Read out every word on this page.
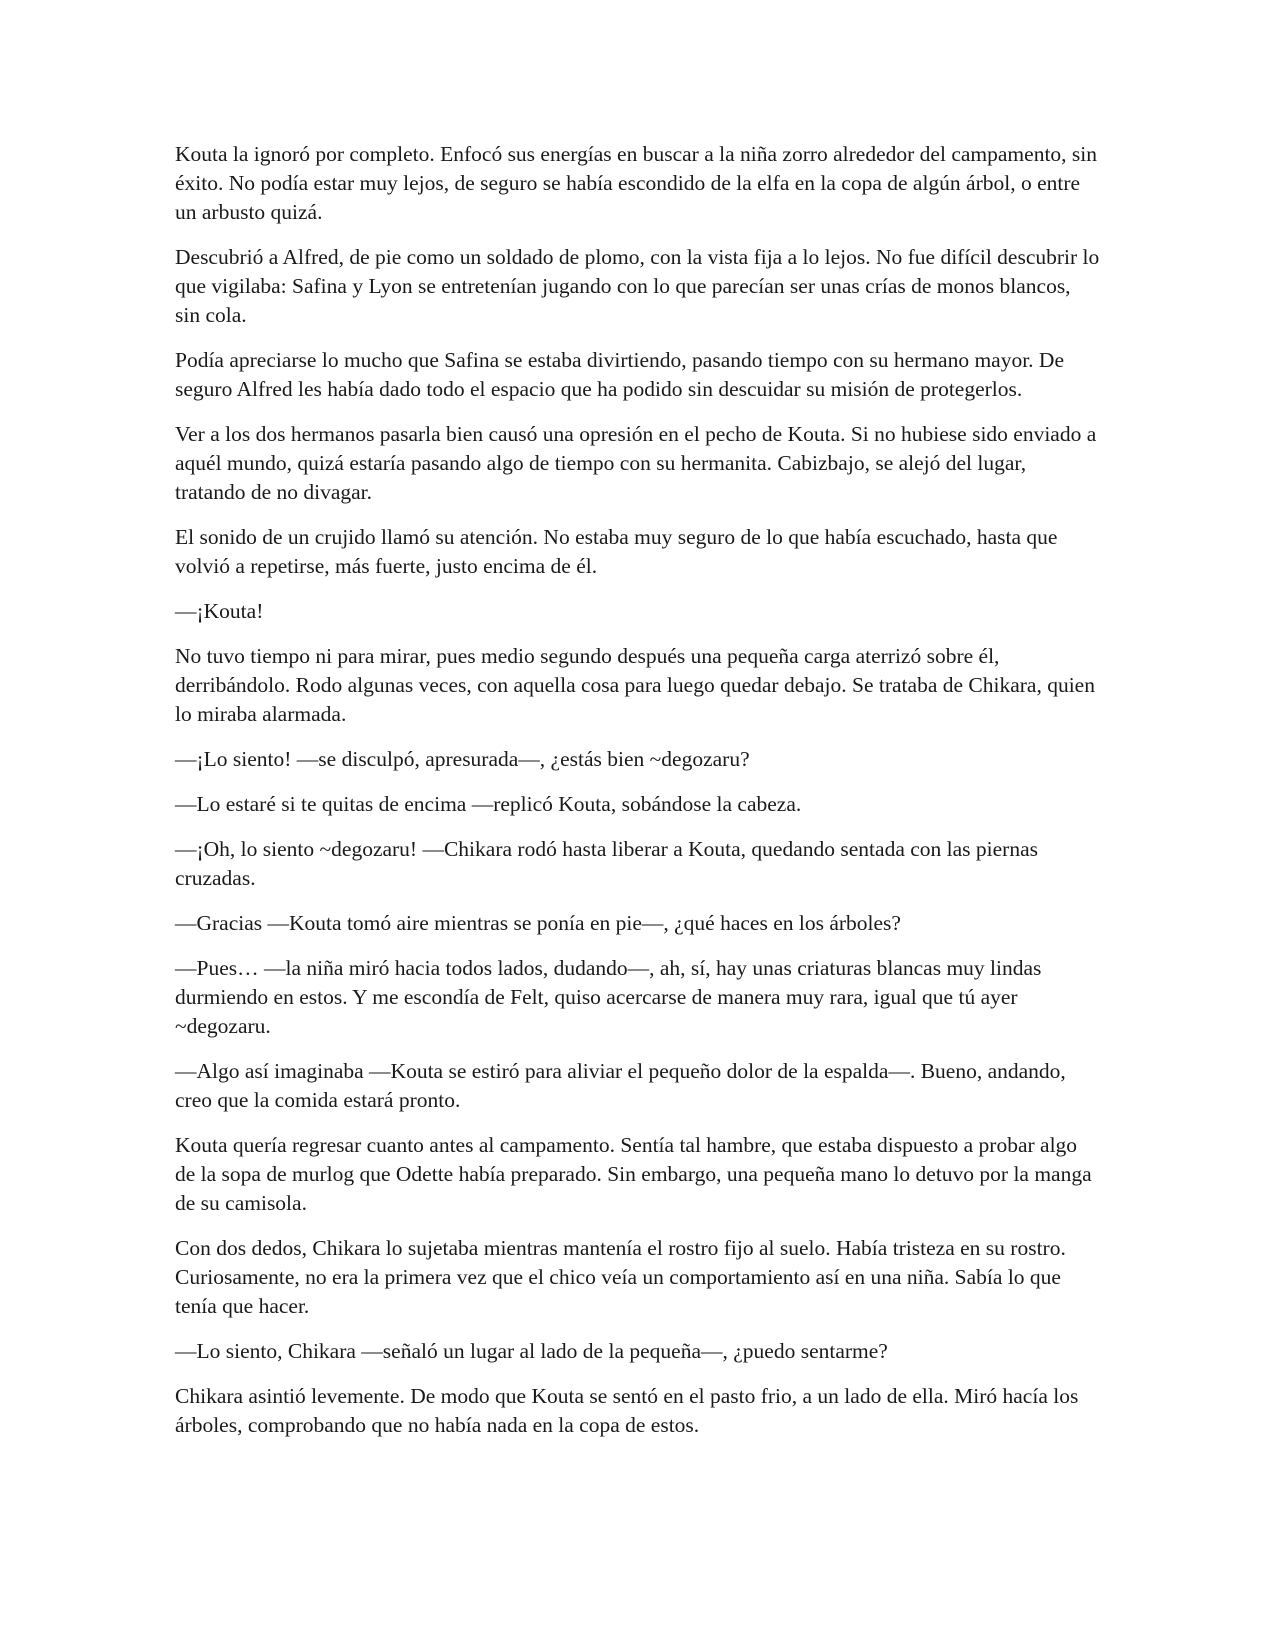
Kouta la ignoró por completo. Enfocó sus energías en buscar a la niña zorro alrededor del campamento, sin éxito. No podía estar muy lejos, de seguro se había escondido de la elfa en la copa de algún árbol, o entre un arbusto quizá.

Descubrió a Alfred, de pie como un soldado de plomo, con la vista fija a lo lejos. No fue difícil descubrir lo que vigilaba: Safina y Lyon se entretenían jugando con lo que parecían ser unas crías de monos blancos, sin cola.

Podía apreciarse lo mucho que Safina se estaba divirtiendo, pasando tiempo con su hermano mayor. De seguro Alfred les había dado todo el espacio que ha podido sin descuidar su misión de protegerlos.

Ver a los dos hermanos pasarla bien causó una opresión en el pecho de Kouta. Si no hubiese sido enviado a aquél mundo, quizá estaría pasando algo de tiempo con su hermanita. Cabizbajo, se alejó del lugar, tratando de no divagar.

El sonido de un crujido llamó su atención. No estaba muy seguro de lo que había escuchado, hasta que volvió a repetirse, más fuerte, justo encima de él.

—¡Kouta!

No tuvo tiempo ni para mirar, pues medio segundo después una pequeña carga aterrizó sobre él, derribándolo. Rodo algunas veces, con aquella cosa para luego quedar debajo. Se trataba de Chikara, quien lo miraba alarmada.

—¡Lo siento! —se disculpó, apresurada—, ¿estás bien ~degozaru?

—Lo estaré si te quitas de encima —replicó Kouta, sobándose la cabeza.

—¡Oh, lo siento ~degozaru! —Chikara rodó hasta liberar a Kouta, quedando sentada con las piernas cruzadas.

—Gracias —Kouta tomó aire mientras se ponía en pie—, ¿qué haces en los árboles?

—Pues… —la niña miró hacia todos lados, dudando—, ah, sí, hay unas criaturas blancas muy lindas durmiendo en estos. Y me escondía de Felt, quiso acercarse de manera muy rara, igual que tú ayer ~degozaru.

—Algo así imaginaba —Kouta se estiró para aliviar el pequeño dolor de la espalda—. Bueno, andando, creo que la comida estará pronto.

Kouta quería regresar cuanto antes al campamento. Sentía tal hambre, que estaba dispuesto a probar algo de la sopa de murlog que Odette había preparado. Sin embargo, una pequeña mano lo detuvo por la manga de su camisola.

Con dos dedos, Chikara lo sujetaba mientras mantenía el rostro fijo al suelo. Había tristeza en su rostro. Curiosamente, no era la primera vez que el chico veía un comportamiento así en una niña. Sabía lo que tenía que hacer.

—Lo siento, Chikara —señaló un lugar al lado de la pequeña—, ¿puedo sentarme?

Chikara asintió levemente. De modo que Kouta se sentó en el pasto frio, a un lado de ella. Miró hacía los árboles, comprobando que no había nada en la copa de estos.
